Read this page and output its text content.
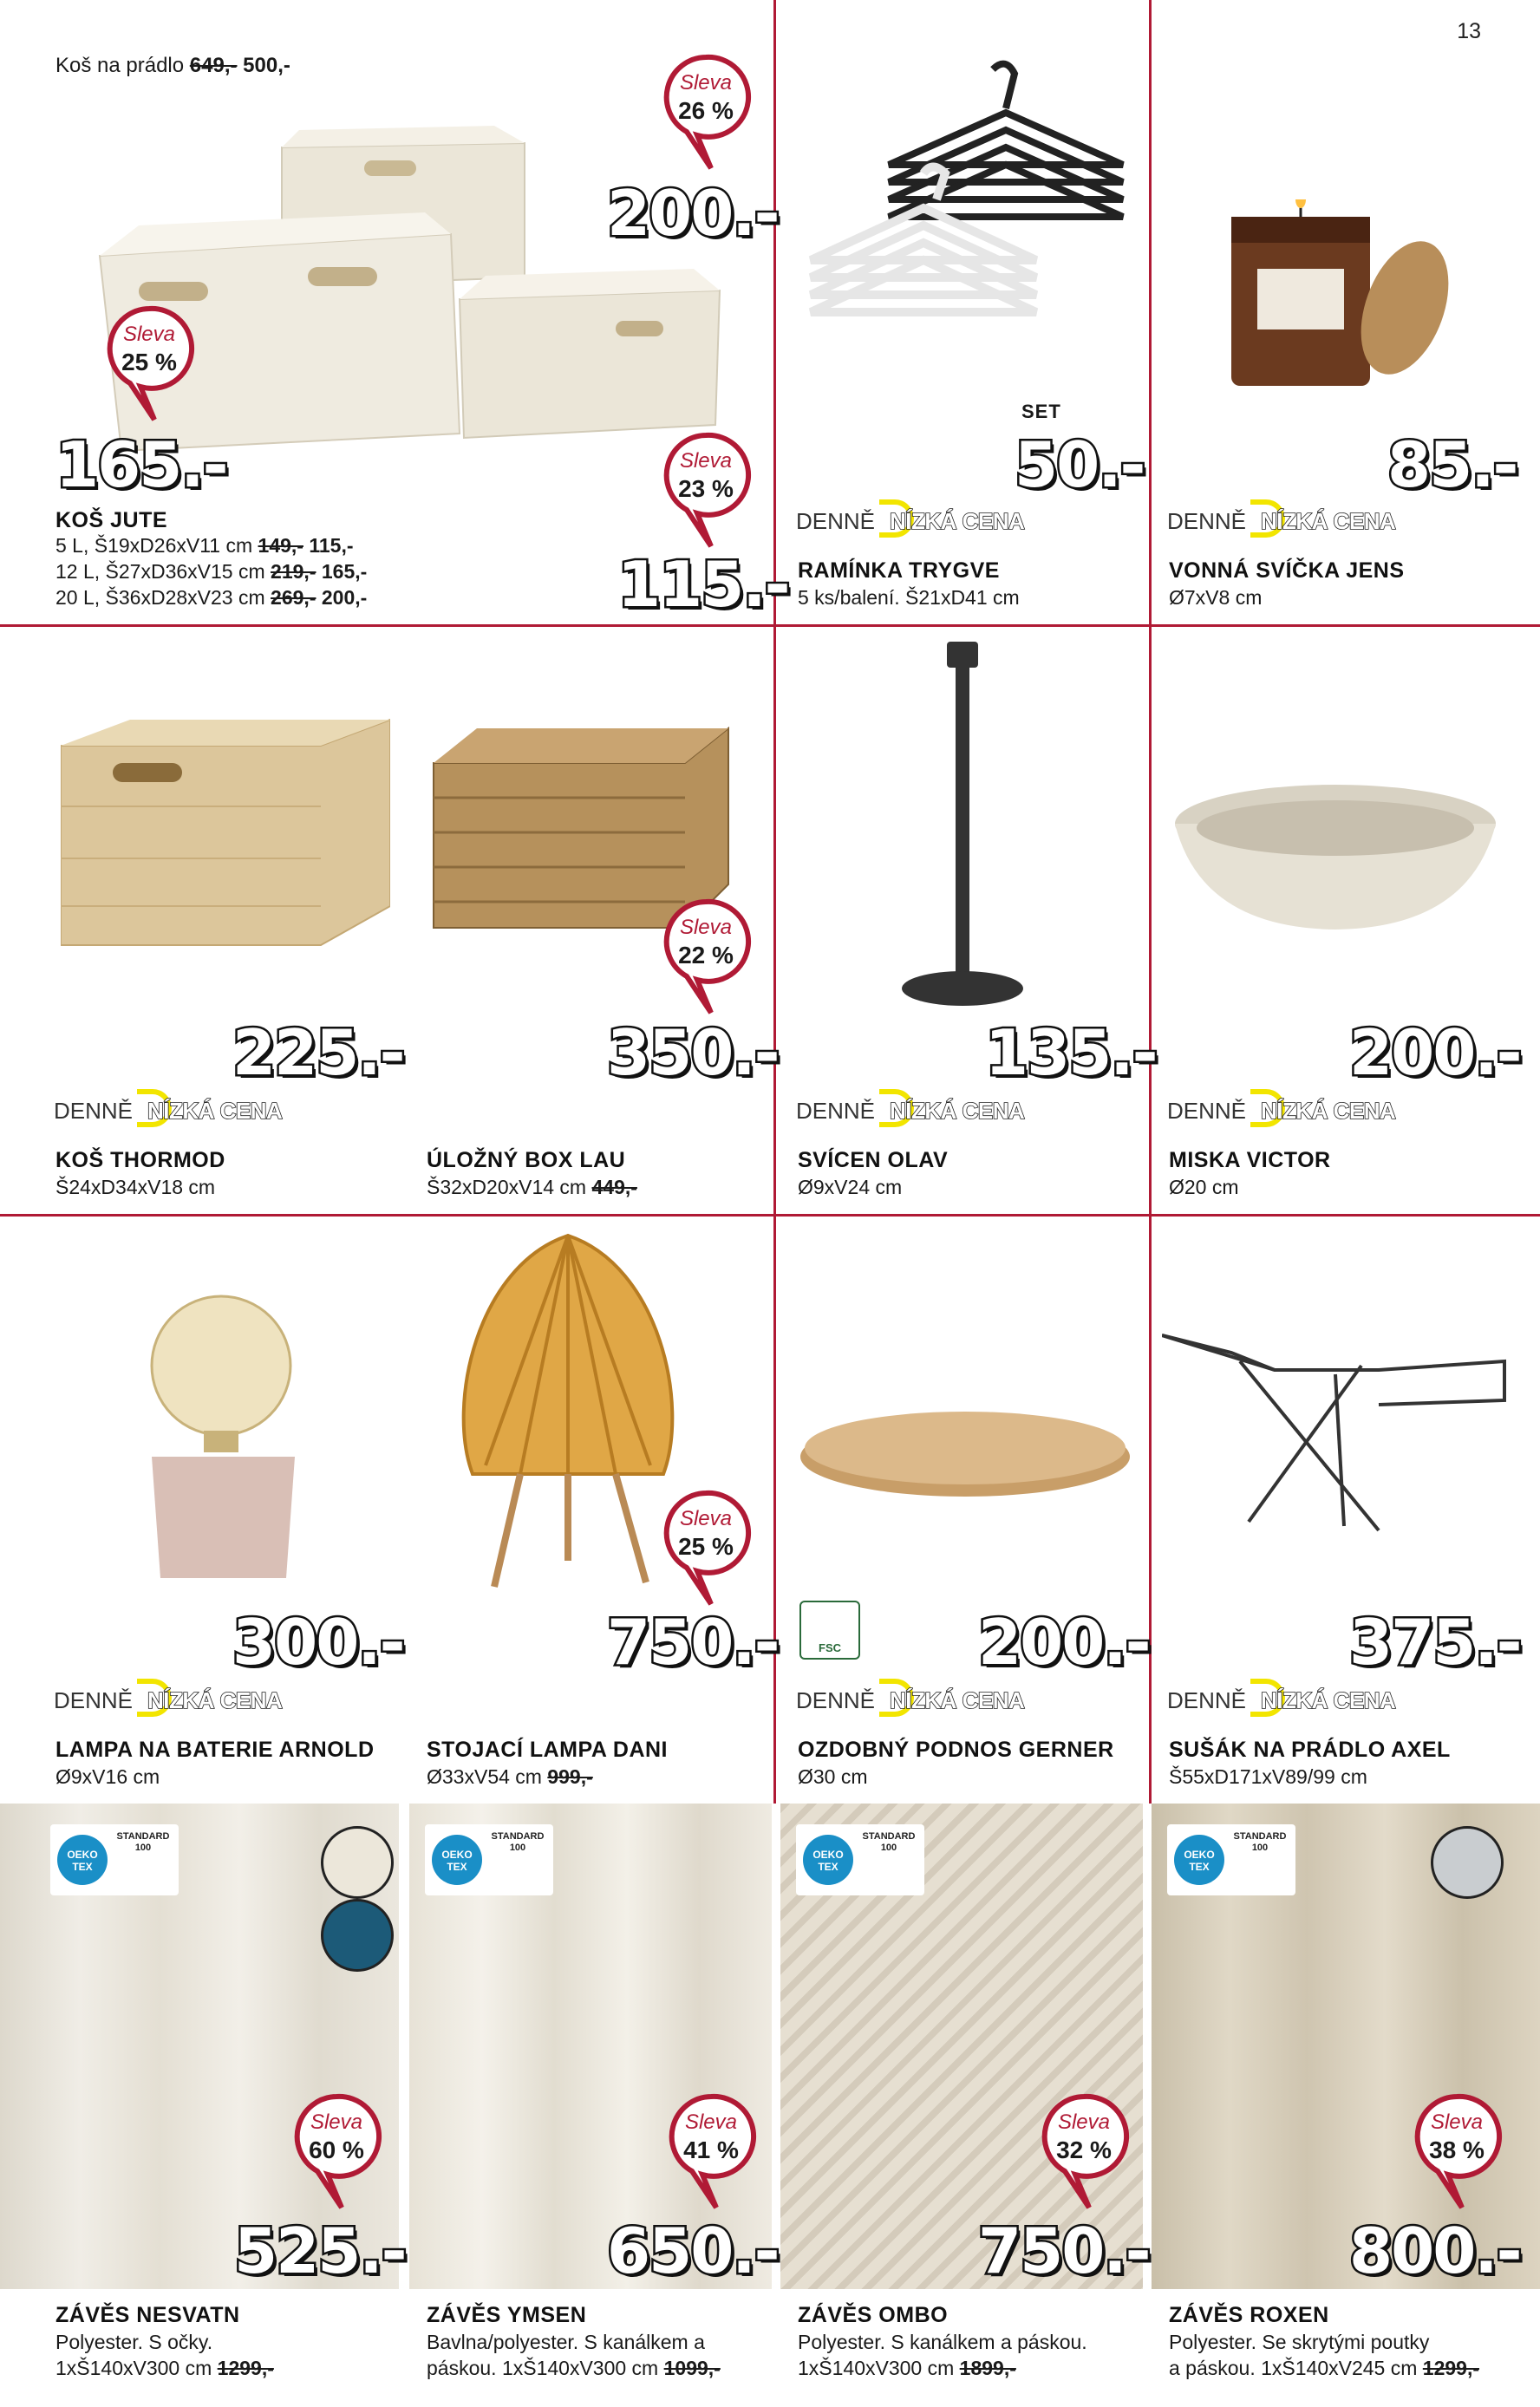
13
Koš na prádlo 649,- 500,-
Sleva
26 %
200.-
Sleva
25 %
165.-	Sleva
23 %
115.-
KOŠ JUTE
5 L, Š19xD26xV11 cm 149,- 115,-
12 L, Š27xD36xV15 cm 219,- 165,-
20 L, Š36xD28xV23 cm 269,- 200,-
SET
50.-
DENNĚ NÍZKÁ CENA
RAMÍNKA TRYGVE
5 ks/balení. Š21xD41 cm
85.-
DENNĚ NÍZKÁ CENA
VONNÁ SVÍČKA JENS
Ø7xV8 cm
225.-
DENNĚ NÍZKÁ CENA
KOŠ THORMOD
Š24xD34xV18 cm
Sleva
22 %
350.-
ÚLOŽNÝ BOX LAU
Š32xD20xV14 cm 449,-
135.-
DENNĚ NÍZKÁ CENA
SVÍCEN OLAV
Ø9xV24 cm
200.-
DENNĚ NÍZKÁ CENA
MISKA VICTOR
Ø20 cm
300.-
DENNĚ NÍZKÁ CENA
LAMPA NA BATERIE ARNOLD
Ø9xV16 cm
Sleva
25 %
750.-
STOJACÍ LAMPA DANI
Ø33xV54 cm 999,-
FSC 200.-
DENNĚ NÍZKÁ CENA
OZDOBNÝ PODNOS GERNER
Ø30 cm
375.-
DENNĚ NÍZKÁ CENA
SUŠÁK NA PRÁDLO AXEL
Š55xD171xV89/99 cm
OEKO TEX
STANDARD 100
OEKO TEX
STANDARD 100
OEKO TEX
STANDARD 100
OEKO TEX
STANDARD 100
Sleva
60 %
525.-
Sleva
41 %
650.-
Sleva
32 %
750.-
Sleva
38 %
800.-
ZÁVĚS NESVATN
Polyester. S očky.
1xŠ140xV300 cm 1299,-
ZÁVĚS YMSEN
Bavlna/polyester. S kanálkem a
páskou. 1xŠ140xV300 cm 1099,-
ZÁVĚS OMBO
Polyester. S kanálkem a páskou.
1xŠ140xV300 cm 1899,-
ZÁVĚS ROXEN
Polyester. Se skrytými poutky
a páskou. 1xŠ140xV245 cm 1299,-
